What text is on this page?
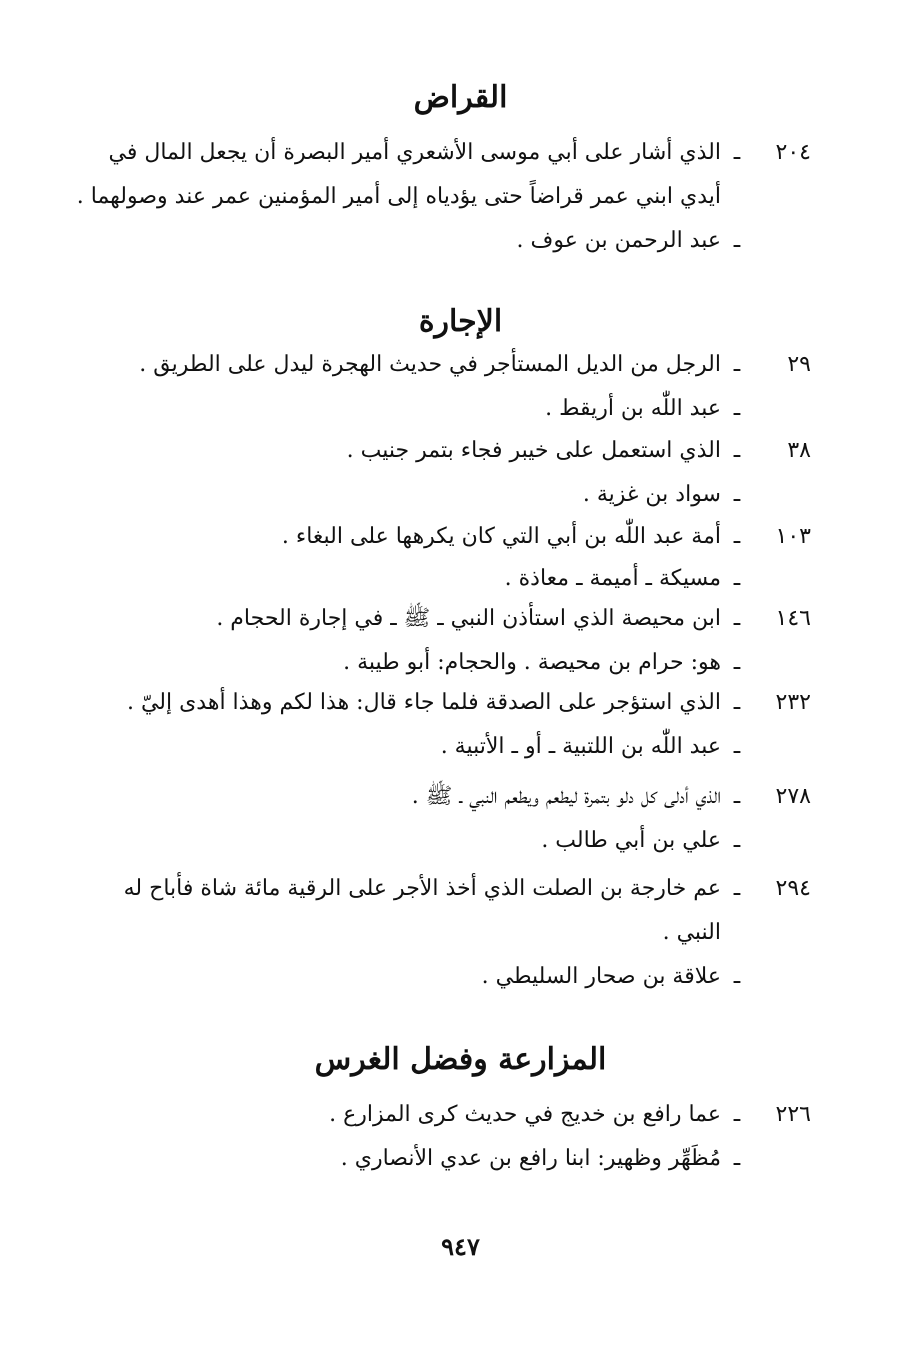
القراض
٢٠٤
ـ
الذي أشار على أبي موسى الأشعري أمير البصرة أن يجعل المال في
أيدي ابني عمر قراضاً حتى يؤدياه إلى أمير المؤمنين عمر عند وصولهما .
ـ
عبد الرحمن بن عوف .
الإجارة
٢٩
ـ
الرجل من الديل المستأجر في حديث الهجرة ليدل على الطريق .
ـ
عبد اللّٰه بن أريقط .
٣٨
ـ
الذي استعمل على خيبر فجاء بتمر جنيب .
ـ
سواد بن غزية .
١٠٣
ـ
أمة عبد اللّٰه بن أبي التي كان يكرهها على البغاء .
ـ
مسيكة ـ أميمة ـ معاذة .
١٤٦
ـ
ابن محيصة الذي استأذن النبي ـ ﷺ ـ في إجارة الحجام .
ـ
هو: حرام بن محيصة . والحجام: أبو طيبة .
٢٣٢
ـ
الذي استؤجر على الصدقة فلما جاء قال: هذا لكم وهذا أهدى إليّ .
ـ
عبد اللّٰه بن اللتبية ـ أو ـ الأتبية .
٢٧٨
ـ
الذي أدلى كل دلو بتمرة ليطعم ويطعم النبي ـ ﷺ .
ـ
علي بن أبي طالب .
٢٩٤
ـ
عم خارجة بن الصلت الذي أخذ الأجر على الرقية مائة شاة فأباح له
النبي .
ـ
علاقة بن صحار السليطي .
المزارعة وفضل الغرس
٢٢٦
ـ
عما رافع بن خديج في حديث كرى المزارع .
ـ
مُظَهِّر وظهير: ابنا رافع بن عدي الأنصاري .
٩٤٧
